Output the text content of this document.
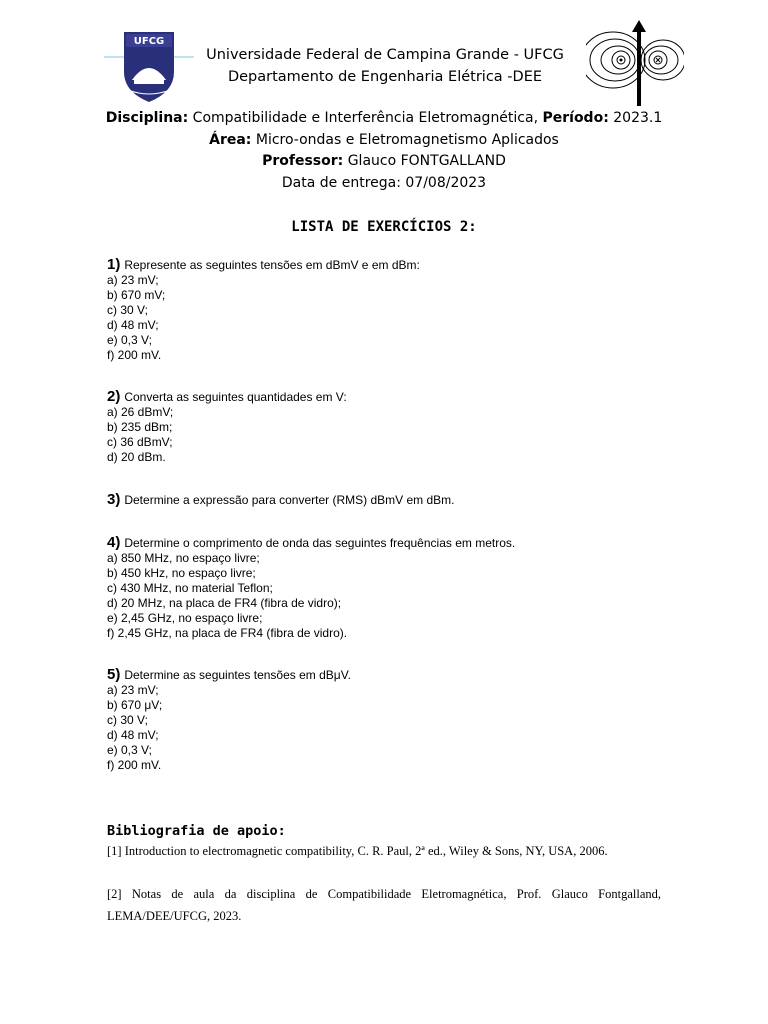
UFCG
Universidade Federal de Campina Grande - UFCG
Departamento de Engenharia Elétrica -DEE
Disciplina: Compatibilidade e Interferência Eletromagnética, Período: 2023.1
Área: Micro-ondas e Eletromagnetismo Aplicados
Professor: Glauco FONTGALLAND
Data de entrega: 07/08/2023
LISTA DE EXERCÍCIOS 2:
1) Represente as seguintes tensões em dBmV e em dBm:
a) 23 mV;
b) 670 mV;
c) 30 V;
d) 48 mV;
e) 0,3 V;
f) 200 mV.
2) Converta as seguintes quantidades em V:
a) 26 dBmV;
b) 235 dBm;
c) 36 dBmV;
d) 20 dBm.
3) Determine a expressão para converter (RMS) dBmV em dBm.
4) Determine o comprimento de onda das seguintes frequências em metros.
a) 850 MHz, no espaço livre;
b) 450 kHz, no espaço livre;
c) 430 MHz, no material Teflon;
d) 20 MHz, na placa de FR4 (fibra de vidro);
e) 2,45 GHz, no espaço livre;
f) 2,45 GHz, na placa de FR4 (fibra de vidro).
5) Determine as seguintes tensões em dBμV.
a) 23 mV;
b) 670 μV;
c) 30 V;
d) 48 mV;
e) 0,3 V;
f) 200 mV.
Bibliografia de apoio:
[1] Introduction to electromagnetic compatibility, C. R. Paul, 2ª ed., Wiley & Sons, NY, USA, 2006.
[2] Notas de aula da disciplina de Compatibilidade Eletromagnética, Prof. Glauco Fontgalland, LEMA/DEE/UFCG, 2023.
